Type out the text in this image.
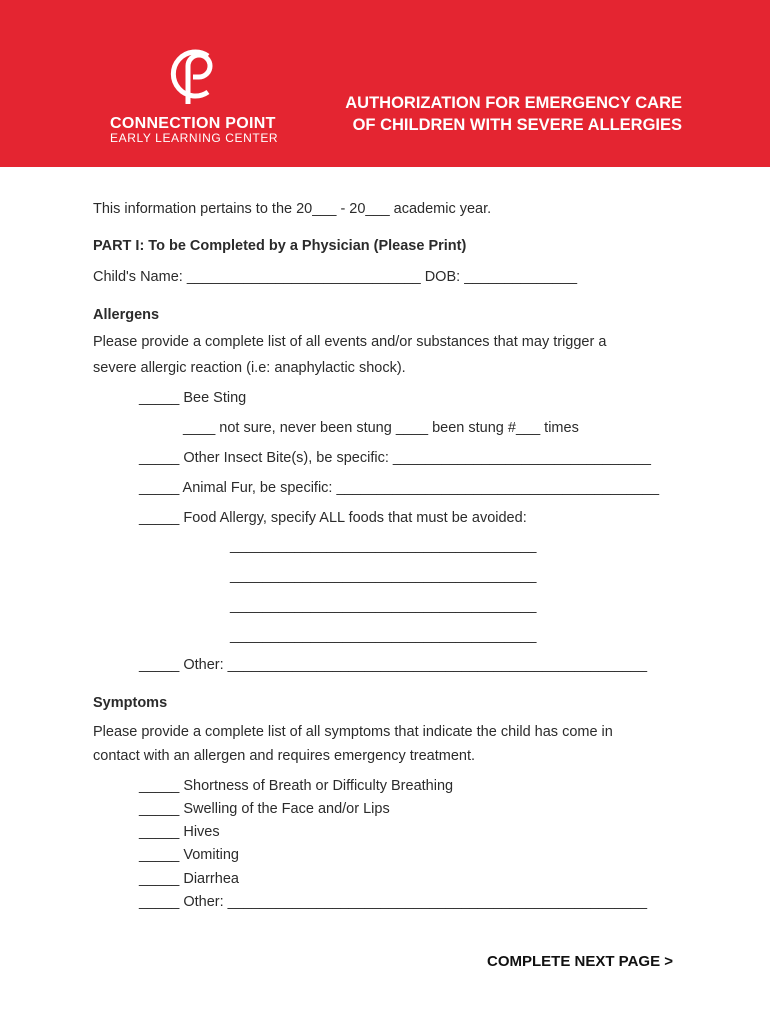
CONNECTION POINT
EARLY LEARNING CENTER
AUTHORIZATION FOR EMERGENCY CARE
OF CHILDREN WITH SEVERE ALLERGIES
This information pertains to the 20___ - 20___ academic year.
PART I: To be Completed by a Physician (Please Print)
Child's Name: _____________________________ DOB: ______________
Allergens
Please provide a complete list of all events and/or substances that may trigger a
severe allergic reaction (i.e: anaphylactic shock).
_____ Bee Sting
____ not sure, never been stung ____ been stung #___ times
_____ Other Insect Bite(s), be specific: ________________________________
_____ Animal Fur, be specific: ________________________________________
_____ Food Allergy, specify ALL foods that must be avoided:
______________________________________
______________________________________
______________________________________
______________________________________
_____ Other: ____________________________________________________
Symptoms
Please provide a complete list of all symptoms that indicate the child has come in
contact with an allergen and requires emergency treatment.
_____ Shortness of Breath or Difficulty Breathing
_____ Swelling of the Face and/or Lips
_____ Hives
_____ Vomiting
_____ Diarrhea
_____ Other: ____________________________________________________
COMPLETE NEXT PAGE >
